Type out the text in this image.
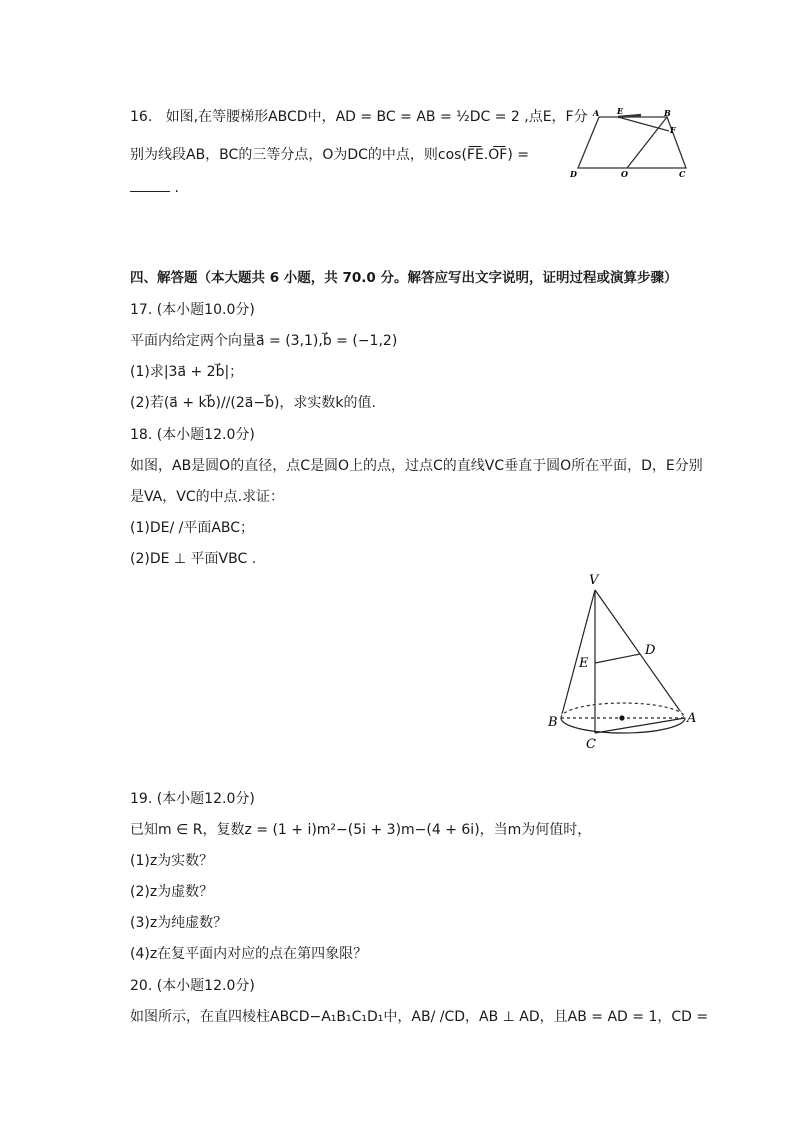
16. 如图,在等腰梯形ABCD中，AD = BC = AB = ½DC = 2 ,点E，F分
别为线段AB，BC的三等分点，O为DC的中点，则cos(F͞E.O͞F) =
.
A E	B
F
D	O	C
四、解答题（本大题共 6 小题，共 70.0 分。解答应写出文字说明，证明过程或演算步骤）
17. (本小题10.0分)
平面内给定两个向量a⃗ = (3,1),b⃗ = (−1,2)
(1)求|3a⃗ + 2b⃗|；
(2)若(a⃗ + kb⃗)//(2a⃗−b⃗)，求实数k的值.
18. (本小题12.0分)
如图，AB是圆O的直径，点C是圆O上的点，过点C的直线VC垂直于圆O所在平面，D，E分别
是VA，VC的中点.求证：
(1)DE/ /平面ABC；
(2)DE ⊥ 平面VBC .
V
D
E
B	A
C
19. (本小题12.0分)
已知m ∈ R，复数z = (1 + i)m²−(5i + 3)m−(4 + 6i)，当m为何值时，
(1)z为实数？
(2)z为虚数？
(3)z为纯虚数？
(4)z在复平面内对应的点在第四象限？
20. (本小题12.0分)
如图所示，在直四棱柱ABCD−A₁B₁C₁D₁中，AB/ /CD，AB ⊥ AD，且AB = AD = 1，CD =
